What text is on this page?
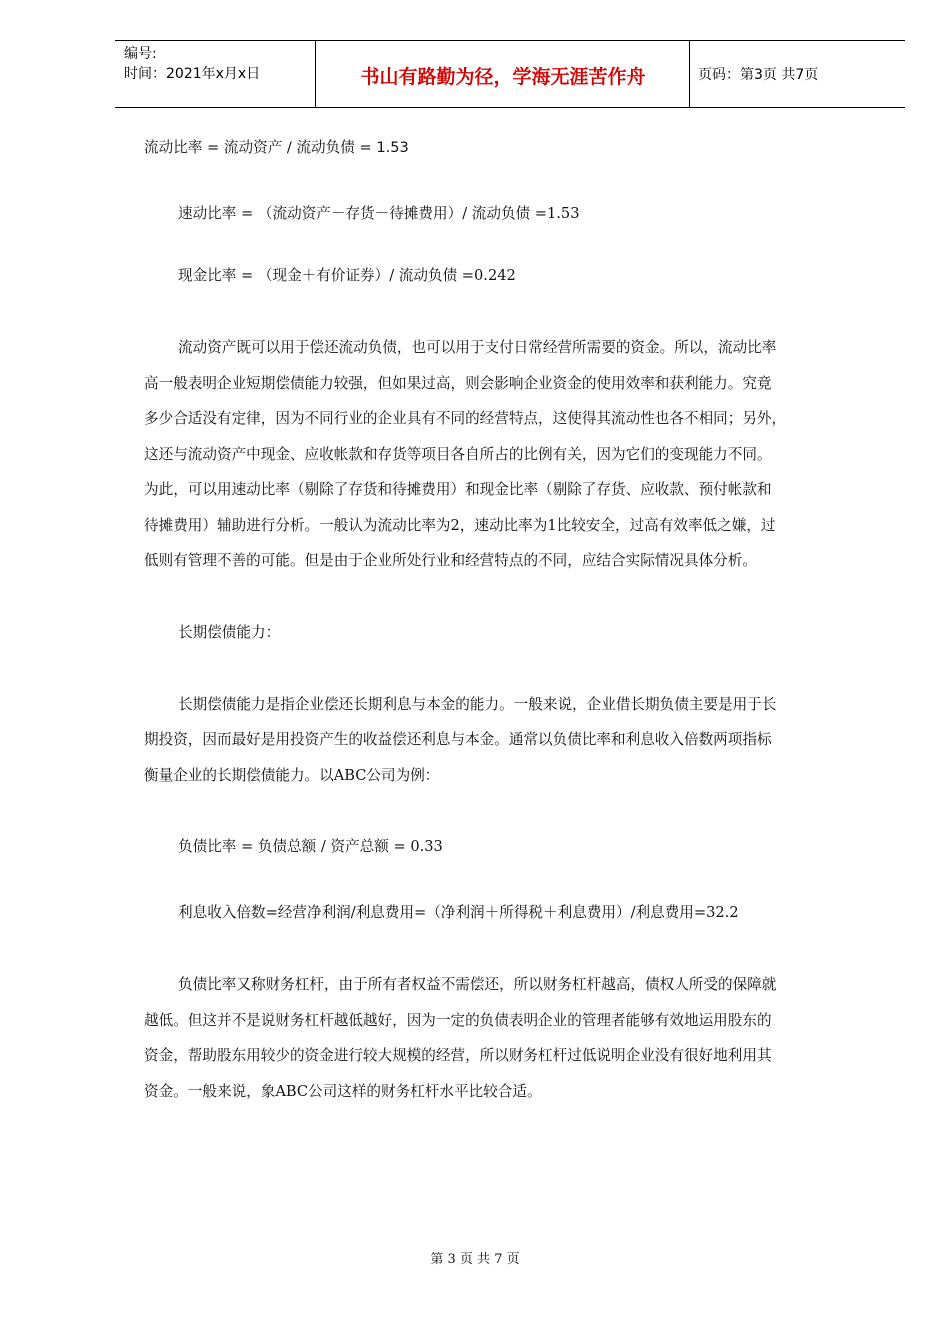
编号:
时间：2021年x月x日	书山有路勤为径，学海无涯苦作舟	页码：第3页 共7页

流动比率 = 流动资产 / 流动负债 = 1.53

速动比率 = （流动资产－存货－待摊费用）/ 流动负债 =1.53

现金比率 = （现金＋有价证券）/ 流动负债 =0.242

流动资产既可以用于偿还流动负债，也可以用于支付日常经营所需要的资金。所以，流动比率
高一般表明企业短期偿债能力较强，但如果过高，则会影响企业资金的使用效率和获利能力。究竟
多少合适没有定律，因为不同行业的企业具有不同的经营特点，这使得其流动性也各不相同；另外，
这还与流动资产中现金、应收帐款和存货等项目各自所占的比例有关，因为它们的变现能力不同。
为此，可以用速动比率（剔除了存货和待摊费用）和现金比率（剔除了存货、应收款、预付帐款和
待摊费用）辅助进行分析。一般认为流动比率为2，速动比率为1比较安全，过高有效率低之嫌，过
低则有管理不善的可能。但是由于企业所处行业和经营特点的不同，应结合实际情况具体分析。

长期偿债能力：

长期偿债能力是指企业偿还长期利息与本金的能力。一般来说，企业借长期负债主要是用于长
期投资，因而最好是用投资产生的收益偿还利息与本金。通常以负债比率和利息收入倍数两项指标
衡量企业的长期偿债能力。以ABC公司为例：

负债比率 = 负债总额 / 资产总额 = 0.33

利息收入倍数=经营净利润/利息费用=（净利润＋所得税＋利息费用）/利息费用=32.2

负债比率又称财务杠杆，由于所有者权益不需偿还，所以财务杠杆越高，债权人所受的保障就
越低。但这并不是说财务杠杆越低越好，因为一定的负债表明企业的管理者能够有效地运用股东的
资金，帮助股东用较少的资金进行较大规模的经营，所以财务杠杆过低说明企业没有很好地利用其
资金。一般来说，象ABC公司这样的财务杠杆水平比较合适。
第 3 页 共 7 页
